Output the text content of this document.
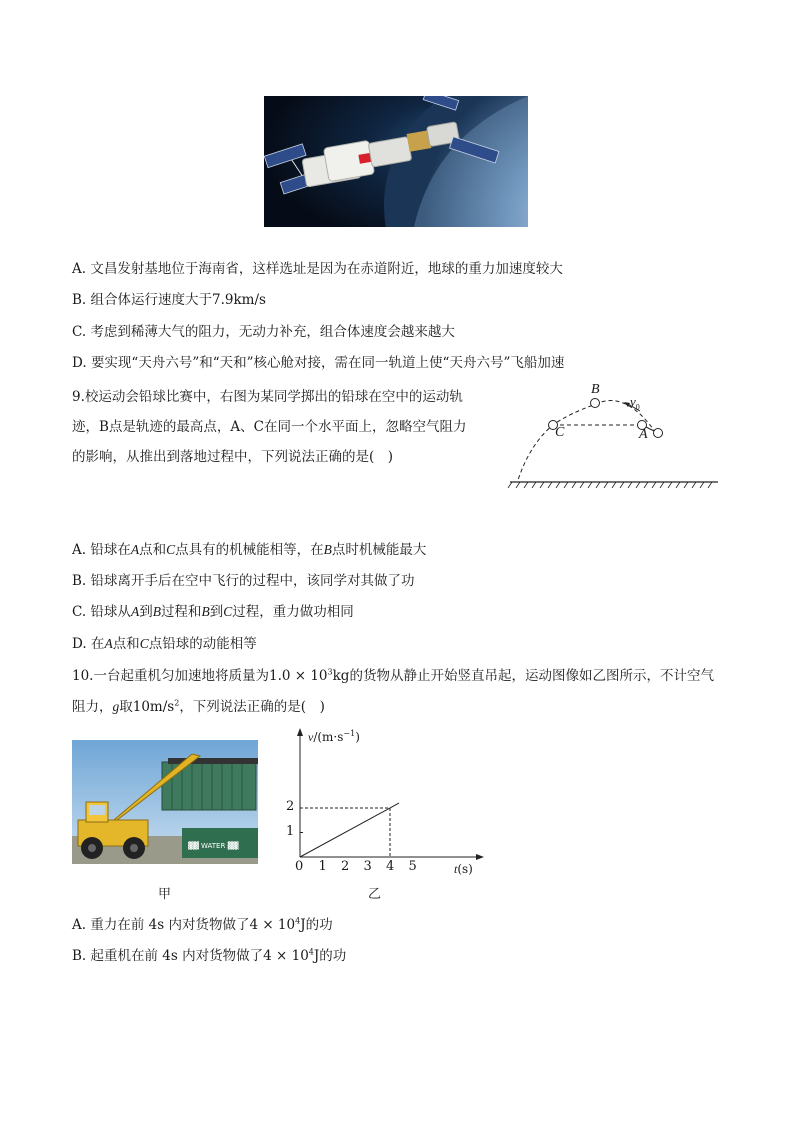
A. 文昌发射基地位于海南省，这样选址是因为在赤道附近，地球的重力加速度较大
B. 组合体运行速度大于7.9km/s
C. 考虑到稀薄大气的阻力，无动力补充，组合体速度会越来越大
D. 要实现“天舟六号”和“天和”核心舱对接，需在同一轨道上使“天舟六号”飞船加速
9.校运动会铅球比赛中，右图为某同学掷出的铅球在空中的运动轨
迹，B点是轨迹的最高点，A、C在同一个水平面上，忽略空气阻力
的影响，从推出到落地过程中，下列说法正确的是(　)
B
C	A
$v_0$
A. 铅球在A点和C点具有的机械能相等，在B点时机械能最大
B. 铅球离开手后在空中飞行的过程中，该同学对其做了功
C. 铅球从A到B过程和B到C过程，重力做功相同
D. 在A点和C点铅球的动能相等
10.一台起重机匀加速地将质量为$1.0 \times 10^3kg$的货物从静止开始竖直吊起，运动图像如乙图所示，不计空气
阻力，g取$10m/s^2$，下列说法正确的是(　)
▓▓ WATER ▓▓
甲
$v/(m\cdot s^{-1})$
t(s)
0 1 2 3 4 5
1
2
乙
A. 重力在前 4s 内对货物做了$4 \times 10^4J$的功
B. 起重机在前 4s 内对货物做了$4 \times 10^4J$的功
